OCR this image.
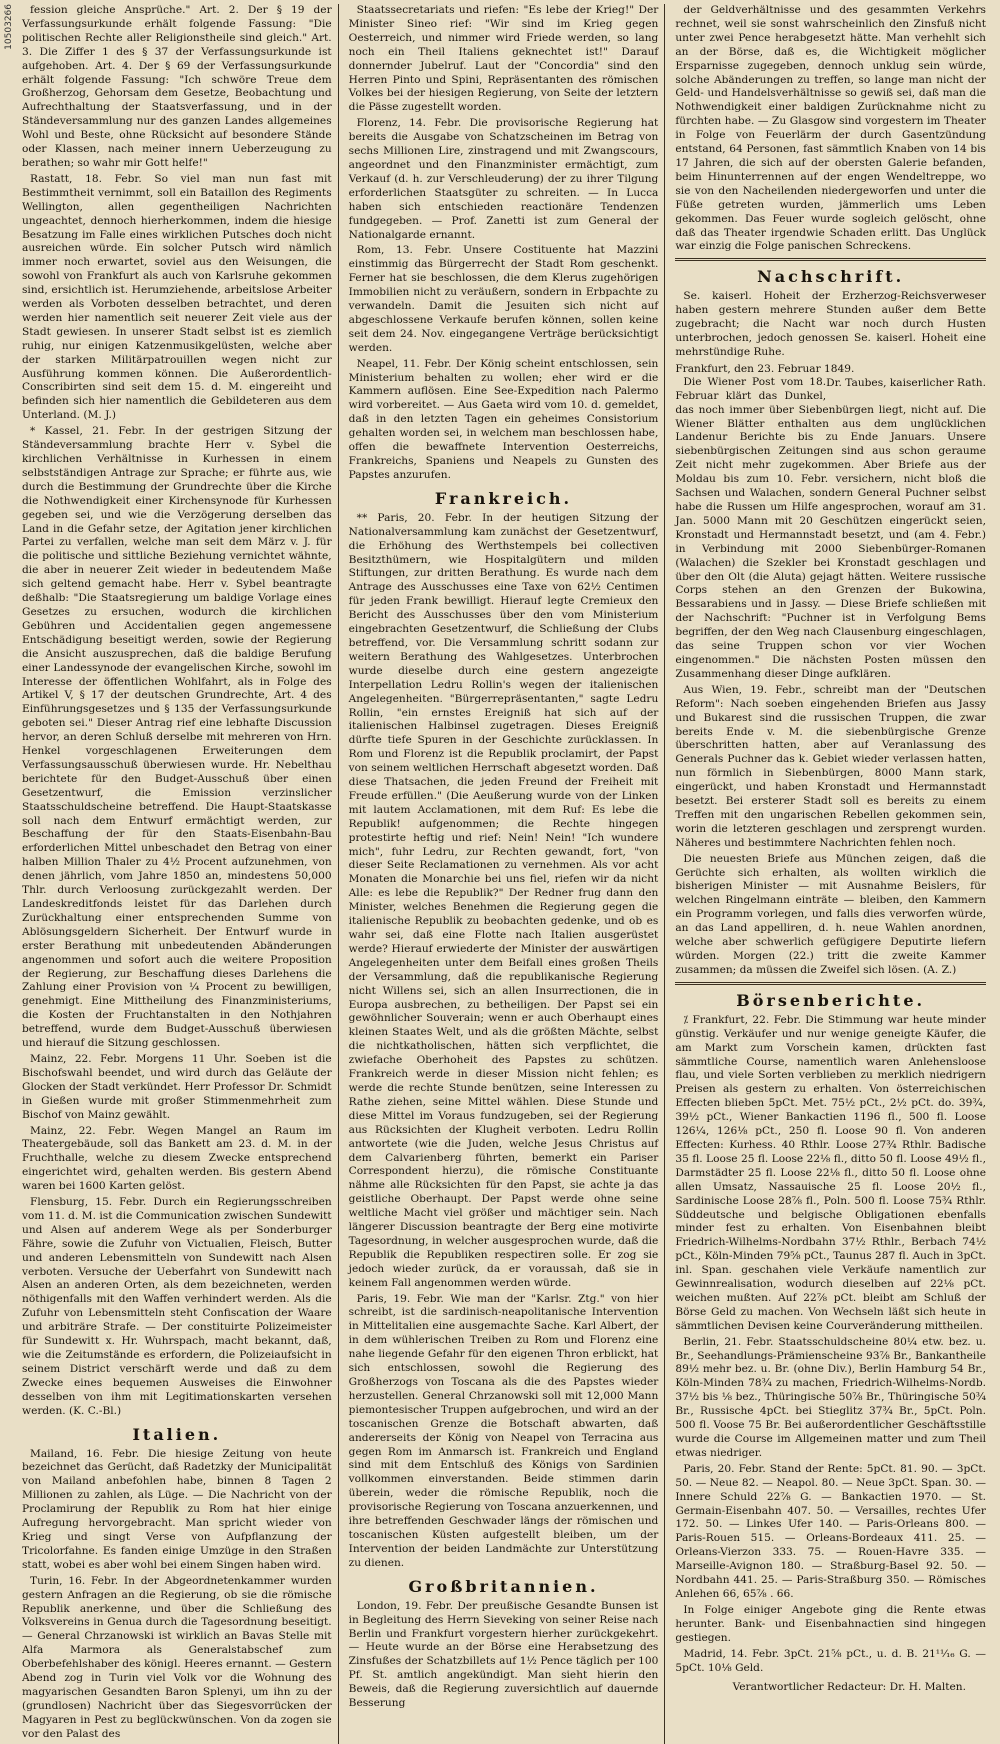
10503266	fession gleiche Ansprüche." Art. 2. Der § 19 der Verfassungsurkunde erhält folgende Fassung: "Die politischen Rechte aller Religionstheile sind gleich." Art. 3. Die Ziffer 1 des § 37 der Verfassungsurkunde ist aufgehoben. Art. 4. Der § 69 der Verfassungsurkunde erhält folgende Fassung: "Ich schwöre Treue dem Großherzog, Gehorsam dem Gesetze, Beobachtung und Aufrechthaltung der Staatsverfassung, und in der Ständeversammlung nur des ganzen Landes allgemeines Wohl und Beste, ohne Rücksicht auf besondere Stände oder Klassen, nach meiner innern Ueberzeugung zu berathen; so wahr mir Gott helfe!"

Rastatt, 18. Febr. So viel man nun fast mit Bestimmtheit vernimmt, soll ein Bataillon des Regiments Wellington, allen gegentheiligen Nachrichten ungeachtet, dennoch hierherkommen, indem die hiesige Besatzung im Falle eines wirklichen Putsches doch nicht ausreichen würde. Ein solcher Putsch wird nämlich immer noch erwartet, soviel aus den Weisungen, die sowohl von Frankfurt als auch von Karlsruhe gekommen sind, ersichtlich ist. Herumziehende, arbeitslose Arbeiter werden als Vorboten desselben betrachtet, und deren werden hier namentlich seit neuerer Zeit viele aus der Stadt gewiesen. In unserer Stadt selbst ist es ziemlich ruhig, nur einigen Katzenmusikgelüsten, welche aber der starken Militärpatrouillen wegen nicht zur Ausführung kommen können. Die Außerordentlich-Conscribirten sind seit dem 15. d. M. eingereiht und befinden sich hier namentlich die Gebildeteren aus dem Unterland. (M. J.)

* Kassel, 21. Febr. In der gestrigen Sitzung der Ständeversammlung brachte Herr v. Sybel die kirchlichen Verhältnisse in Kurhessen in einem selbstständigen Antrage zur Sprache; er führte aus, wie durch die Bestimmung der Grundrechte über die Kirche die Nothwendigkeit einer Kirchensynode für Kurhessen gegeben sei, und wie die Verzögerung derselben das Land in die Gefahr setze, der Agitation jener kirchlichen Partei zu verfallen, welche man seit dem März v. J. für die politische und sittliche Beziehung vernichtet wähnte, die aber in neuerer Zeit wieder in bedeutendem Maße sich geltend gemacht habe. Herr v. Sybel beantragte deßhalb: "Die Staatsregierung um baldige Vorlage eines Gesetzes zu ersuchen, wodurch die kirchlichen Gebühren und Accidentalien gegen angemessene Entschädigung beseitigt werden, sowie der Regierung die Ansicht auszusprechen, daß die baldige Berufung einer Landessynode der evangelischen Kirche, sowohl im Interesse der öffentlichen Wohlfahrt, als in Folge des Artikel V, § 17 der deutschen Grundrechte, Art. 4 des Einführungsgesetzes und § 135 der Verfassungsurkunde geboten sei." Dieser Antrag rief eine lebhafte Discussion hervor, an deren Schluß derselbe mit mehreren von Hrn. Henkel vorgeschlagenen Erweiterungen dem Verfassungsausschuß überwiesen wurde. Hr. Nebelthau berichtete für den Budget-Ausschuß über einen Gesetzentwurf, die Emission verzinslicher Staatsschuldscheine betreffend. Die Haupt-Staatskasse soll nach dem Entwurf ermächtigt werden, zur Beschaffung der für den Staats-Eisenbahn-Bau erforderlichen Mittel unbeschadet den Betrag von einer halben Million Thaler zu 4½ Procent aufzunehmen, von denen jährlich, vom Jahre 1850 an, mindestens 50,000 Thlr. durch Verloosung zurückgezahlt werden. Der Landeskreditfonds leistet für das Darlehen durch Zurückhaltung einer entsprechenden Summe von Ablösungsgeldern Sicherheit. Der Entwurf wurde in erster Berathung mit unbedeutenden Abänderungen angenommen und sofort auch die weitere Proposition der Regierung, zur Beschaffung dieses Darlehens die Zahlung einer Provision von ¼ Procent zu bewilligen, genehmigt. Eine Mittheilung des Finanzministeriums, die Kosten der Fruchtanstalten in den Nothjahren betreffend, wurde dem Budget-Ausschuß überwiesen und hierauf die Sitzung geschlossen.

Mainz, 22. Febr. Morgens 11 Uhr. Soeben ist die Bischofswahl beendet, und wird durch das Geläute der Glocken der Stadt verkündet. Herr Professor Dr. Schmidt in Gießen wurde mit großer Stimmenmehrheit zum Bischof von Mainz gewählt.

Mainz, 22. Febr. Wegen Mangel an Raum im Theatergebäude, soll das Bankett am 23. d. M. in der Fruchthalle, welche zu diesem Zwecke entsprechend eingerichtet wird, gehalten werden. Bis gestern Abend waren bei 1600 Karten gelöst.

Flensburg, 15. Febr. Durch ein Regierungsschreiben vom 11. d. M. ist die Communication zwischen Sundewitt und Alsen auf anderem Wege als per Sonderburger Fähre, sowie die Zufuhr von Victualien, Fleisch, Butter und anderen Lebensmitteln von Sundewitt nach Alsen verboten. Versuche der Ueberfahrt von Sundewitt nach Alsen an anderen Orten, als dem bezeichneten, werden nöthigenfalls mit den Waffen verhindert werden. Als die Zufuhr von Lebensmitteln steht Confiscation der Waare und arbiträre Strafe. — Der constituirte Polizeimeister für Sundewitt x. Hr. Wuhrspach, macht bekannt, daß, wie die Zeitumstände es erfordern, die Polizeiaufsicht in seinem District verschärft werde und daß zu dem Zwecke eines bequemen Ausweises die Einwohner desselben von ihm mit Legitimationskarten versehen werden. (K. C.-Bl.)

Italien.

Mailand, 16. Febr. Die hiesige Zeitung von heute bezeichnet das Gerücht, daß Radetzky der Municipalität von Mailand anbefohlen habe, binnen 8 Tagen 2 Millionen zu zahlen, als Lüge. — Die Nachricht von der Proclamirung der Republik zu Rom hat hier einige Aufregung hervorgebracht. Man spricht wieder von Krieg und singt Verse von Aufpflanzung der Tricolorfahne. Es fanden einige Umzüge in den Straßen statt, wobei es aber wohl bei einem Singen haben wird.

Turin, 16. Febr. In der Abgeordnetenkammer wurden gestern Anfragen an die Regierung, ob sie die römische Republik anerkenne, und über die Schließung des Volksvereins in Genua durch die Tagesordnung beseitigt. — General Chrzanowski ist wirklich an Bavas Stelle mit Alfa Marmora als Generalstabschef zum Oberbefehlshaber des königl. Heeres ernannt. — Gestern Abend zog in Turin viel Volk vor die Wohnung des magyarischen Gesandten Baron Splenyi, um ihn zu der (grundlosen) Nachricht über das Siegesvorrücken der Magyaren in Pest zu beglückwünschen. Von da zogen sie vor den Palast des

Staatssecretariats und riefen: "Es lebe der Krieg!" Der Minister Sineo rief: "Wir sind im Krieg gegen Oesterreich, und nimmer wird Friede werden, so lang noch ein Theil Italiens geknechtet ist!" Darauf donnernder Jubelruf. Laut der "Concordia" sind den Herren Pinto und Spini, Repräsentanten des römischen Volkes bei der hiesigen Regierung, von Seite der letztern die Pässe zugestellt worden.

Florenz, 14. Febr. Die provisorische Regierung hat bereits die Ausgabe von Schatzscheinen im Betrag von sechs Millionen Lire, zinstragend und mit Zwangscours, angeordnet und den Finanzminister ermächtigt, zum Verkauf (d. h. zur Verschleuderung) der zu ihrer Tilgung erforderlichen Staatsgüter zu schreiten. — In Lucca haben sich entschieden reactionäre Tendenzen fundgegeben. — Prof. Zanetti ist zum General der Nationalgarde ernannt.

Rom, 13. Febr. Unsere Costituente hat Mazzini einstimmig das Bürgerrecht der Stadt Rom geschenkt. Ferner hat sie beschlossen, die dem Klerus zugehörigen Immobilien nicht zu veräußern, sondern in Erbpachte zu verwandeln. Damit die Jesuiten sich nicht auf abgeschlossene Verkaufe berufen können, sollen keine seit dem 24. Nov. eingegangene Verträge berücksichtigt werden.

Neapel, 11. Febr. Der König scheint entschlossen, sein Ministerium behalten zu wollen; eher wird er die Kammern auflösen. Eine See-Expedition nach Palermo wird vorbereitet. — Aus Gaeta wird vom 10. d. gemeldet, daß in den letzten Tagen ein geheimes Consistorium gehalten worden sei, in welchem man beschlossen habe, offen die bewaffnete Intervention Oesterreichs, Frankreichs, Spaniens und Neapels zu Gunsten des Papstes anzurufen.

Frankreich.

** Paris, 20. Febr. In der heutigen Sitzung der Nationalversammlung kam zunächst der Gesetzentwurf, die Erhöhung des Werthstempels bei collectiven Besitzthümern, wie Hospitalgütern und milden Stiftungen, zur dritten Berathung. Es wurde nach dem Antrage des Ausschusses eine Taxe von 62½ Centimen für jeden Frank bewilligt. Hierauf legte Cremieux den Bericht des Ausschusses über den vom Ministerium eingebrachten Gesetzentwurf, die Schließung der Clubs betreffend, vor. Die Versammlung schritt sodann zur weitern Berathung des Wahlgesetzes. Unterbrochen wurde dieselbe durch eine gestern angezeigte Interpellation Ledru Rollin's wegen der italienischen Angelegenheiten. "Bürgerrepräsentanten," sagte Ledru Rollin, "ein ernstes Ereigniß hat sich auf der italienischen Halbinsel zugetragen. Dieses Ereigniß dürfte tiefe Spuren in der Geschichte zurücklassen. In Rom und Florenz ist die Republik proclamirt, der Papst von seinem weltlichen Herrschaft abgesetzt worden. Daß diese Thatsachen, die jeden Freund der Freiheit mit Freude erfüllen." (Die Aeußerung wurde von der Linken mit lautem Acclamationen, mit dem Ruf: Es lebe die Republik! aufgenommen; die Rechte hingegen protestirte heftig und rief: Nein! Nein! "Ich wundere mich", fuhr Ledru, zur Rechten gewandt, fort, "von dieser Seite Reclamationen zu vernehmen. Als vor acht Monaten die Monarchie bei uns fiel, riefen wir da nicht Alle: es lebe die Republik?" Der Redner frug dann den Minister, welches Benehmen die Regierung gegen die italienische Republik zu beobachten gedenke, und ob es wahr sei, daß eine Flotte nach Italien ausgerüstet werde? Hierauf erwiederte der Minister der auswärtigen Angelegenheiten unter dem Beifall eines großen Theils der Versammlung, daß die republikanische Regierung nicht Willens sei, sich an allen Insurrectionen, die in Europa ausbrechen, zu betheiligen. Der Papst sei ein gewöhnlicher Souverain; wenn er auch Oberhaupt eines kleinen Staates Welt, und als die größten Mächte, selbst die nichtkatholischen, hätten sich verpflichtet, die zwiefache Oberhoheit des Papstes zu schützen. Frankreich werde in dieser Mission nicht fehlen; es werde die rechte Stunde benützen, seine Interessen zu Rathe ziehen, seine Mittel wählen. Diese Stunde und diese Mittel im Voraus fundzugeben, sei der Regierung aus Rücksichten der Klugheit verboten. Ledru Rollin antwortete (wie die Juden, welche Jesus Christus auf dem Calvarienberg führten, bemerkt ein Pariser Correspondent hierzu), die römische Constituante nähme alle Rücksichten für den Papst, sie achte ja das geistliche Oberhaupt. Der Papst werde ohne seine weltliche Macht viel größer und mächtiger sein. Nach längerer Discussion beantragte der Berg eine motivirte Tagesordnung, in welcher ausgesprochen wurde, daß die Republik die Republiken respectiren solle. Er zog sie jedoch wieder zurück, da er voraussah, daß sie in keinem Fall angenommen werden würde.

Paris, 19. Febr. Wie man der "Karlsr. Ztg." von hier schreibt, ist die sardinisch-neapolitanische Intervention in Mittelitalien eine ausgemachte Sache. Karl Albert, der in dem wühlerischen Treiben zu Rom und Florenz eine nahe liegende Gefahr für den eigenen Thron erblickt, hat sich entschlossen, sowohl die Regierung des Großherzogs von Toscana als die des Papstes wieder herzustellen. General Chrzanowski soll mit 12,000 Mann piemontesischer Truppen aufgebrochen, und wird an der toscanischen Grenze die Botschaft abwarten, daß andererseits der König von Neapel von Terracina aus gegen Rom im Anmarsch ist. Frankreich und England sind mit dem Entschluß des Königs von Sardinien vollkommen einverstanden. Beide stimmen darin überein, weder die römische Republik, noch die provisorische Regierung von Toscana anzuerkennen, und ihre betreffenden Geschwader längs der römischen und toscanischen Küsten aufgestellt bleiben, um der Intervention der beiden Landmächte zur Unterstützung zu dienen.

Großbritannien.

London, 19. Febr. Der preußische Gesandte Bunsen ist in Begleitung des Herrn Sieveking von seiner Reise nach Berlin und Frankfurt vorgestern hierher zurückgekehrt. — Heute wurde an der Börse eine Herabsetzung des Zinsfußes der Schatzbillets auf 1½ Pence täglich per 100 Pf. St. amtlich angekündigt. Man sieht hierin den Beweis, daß die Regierung zuversichtlich auf dauernde Besserung

der Geldverhältnisse und des gesammten Verkehrs rechnet, weil sie sonst wahrscheinlich den Zinsfuß nicht unter zwei Pence herabgesetzt hätte. Man verhehlt sich an der Börse, daß es, die Wichtigkeit möglicher Ersparnisse zugegeben, dennoch unklug sein würde, solche Abänderungen zu treffen, so lange man nicht der Geld- und Handelsverhältnisse so gewiß sei, daß man die Nothwendigkeit einer baldigen Zurücknahme nicht zu fürchten habe. — Zu Glasgow sind vorgestern im Theater in Folge von Feuerlärm der durch Gasentzündung entstand, 64 Personen, fast sämmtlich Knaben von 14 bis 17 Jahren, die sich auf der obersten Galerie befanden, beim Hinunterrennen auf der engen Wendeltreppe, wo sie von den Nacheilenden niedergeworfen und unter die Füße getreten wurden, jämmerlich ums Leben gekommen. Das Feuer wurde sogleich gelöscht, ohne daß das Theater irgendwie Schaden erlitt. Das Unglück war einzig die Folge panischen Schreckens.

Nachschrift.

Se. kaiserl. Hoheit der Erzherzog-Reichsverweser haben gestern mehrere Stunden außer dem Bette zugebracht; die Nacht war noch durch Husten unterbrochen, jedoch genossen Se. kaiserl. Hoheit eine mehrstündige Ruhe.

Frankfurt, den 23. Februar 1849.
Dr. Taubes, kaiserlicher Rath.

Die Wiener Post vom 18. Februar klärt das Dunkel, das noch immer über Siebenbürgen liegt, nicht auf. Die Wiener Blätter enthalten aus dem unglücklichen Landenur Berichte bis zu Ende Januars. Unsere siebenbürgischen Zeitungen sind aus schon geraume Zeit nicht mehr zugekommen. Aber Briefe aus der Moldau bis zum 10. Febr. versichern, nicht bloß die Sachsen und Walachen, sondern General Puchner selbst habe die Russen um Hilfe angesprochen, worauf am 31. Jan. 5000 Mann mit 20 Geschützen eingerückt seien, Kronstadt und Hermannstadt besetzt, und (am 4. Febr.) in Verbindung mit 2000 Siebenbürger-Romanen (Walachen) die Szekler bei Kronstadt geschlagen und über den Olt (die Aluta) gejagt hätten. Weitere russische Corps stehen an den Grenzen der Bukowina, Bessarabiens und in Jassy. — Diese Briefe schließen mit der Nachschrift: "Puchner ist in Verfolgung Bems begriffen, der den Weg nach Clausenburg eingeschlagen, das seine Truppen schon vor vier Wochen eingenommen." Die nächsten Posten müssen den Zusammenhang dieser Dinge aufklären.

Aus Wien, 19. Febr., schreibt man der "Deutschen Reform": Nach soeben eingehenden Briefen aus Jassy und Bukarest sind die russischen Truppen, die zwar bereits Ende v. M. die siebenbürgische Grenze überschritten hatten, aber auf Veranlassung des Generals Puchner das k. Gebiet wieder verlassen hatten, nun förmlich in Siebenbürgen, 8000 Mann stark, eingerückt, und haben Kronstadt und Hermannstadt besetzt. Bei ersterer Stadt soll es bereits zu einem Treffen mit den ungarischen Rebellen gekommen sein, worin die letzteren geschlagen und zersprengt wurden. Näheres und bestimmtere Nachrichten fehlen noch.

Die neuesten Briefe aus München zeigen, daß die Gerüchte sich erhalten, als wollten wirklich die bisherigen Minister — mit Ausnahme Beislers, für welchen Ringelmann einträte — bleiben, den Kammern ein Programm vorlegen, und falls dies verworfen würde, an das Land appelliren, d. h. neue Wahlen anordnen, welche aber schwerlich gefügigere Deputirte liefern würden. Morgen (22.) tritt die zweite Kammer zusammen; da müssen die Zweifel sich lösen. (A. Z.)

Börsenberichte.

⁒ Frankfurt, 22. Febr. Die Stimmung war heute minder günstig. Verkäufer und nur wenige geneigte Käufer, die am Markt zum Vorschein kamen, drückten fast sämmtliche Course, namentlich waren Anlehensloose flau, und viele Sorten verblieben zu merklich niedrigern Preisen als gestern zu erhalten. Von österreichischen Effecten blieben 5pCt. Met. 75½ pCt., 2½ pCt. do. 39¾, 39½ pCt., Wiener Bankactien 1196 fl., 500 fl. Loose 126¼, 126⅛ pCt., 250 fl. Loose 90 fl. Von anderen Effecten: Kurhess. 40 Rthlr. Loose 27¾ Rthlr. Badische 35 fl. Loose 25 fl. Loose 22⅛ fl., ditto 50 fl. Loose 49½ fl., Darmstädter 25 fl. Loose 22⅛ fl., ditto 50 fl. Loose ohne allen Umsatz, Nassauische 25 fl. Loose 20½ fl., Sardinische Loose 28⅞ fl., Poln. 500 fl. Loose 75¾ Rthlr. Süddeutsche und belgische Obligationen ebenfalls minder fest zu erhalten. Von Eisenbahnen bleibt Friedrich-Wilhelms-Nordbahn 37½ Rthlr., Berbach 74½ pCt., Köln-Minden 79⅝ pCt., Taunus 287 fl. Auch in 3pCt. inl. Span. geschahen viele Verkäufe namentlich zur Gewinnrealisation, wodurch dieselben auf 22⅛ pCt. weichen mußten. Auf 22⅞ pCt. bleibt am Schluß der Börse Geld zu machen. Von Wechseln läßt sich heute in sämmtlichen Devisen keine Courveränderung mittheilen.

Berlin, 21. Febr. Staatsschuldscheine 80¼ etw. bez. u. Br., Seehandlungs-Prämienscheine 93⅞ Br., Bankantheile 89½ mehr bez. u. Br. (ohne Div.), Berlin Hamburg 54 Br., Köln-Minden 78¾ zu machen, Friedrich-Wilhelms-Nordb. 37½ bis ⅛ bez., Thüringische 50⅞ Br., Thüringische 50¾ Br., Russische 4pCt. bei Stieglitz 37¾ Br., 5pCt. Poln. 500 fl. Voose 75 Br. Bei außerordentlicher Geschäftsstille wurde die Course im Allgemeinen matter und zum Theil etwas niedriger.

Paris, 20. Febr. Stand der Rente: 5pCt. 81. 90. — 3pCt. 50. — Neue 82. — Neapol. 80. — Neue 3pCt. Span. 30. — Innere Schuld 22⅞ G. — Bankactien 1970. — St. Germain-Eisenbahn 407. 50. — Versailles, rechtes Ufer 172. 50. — Linkes Ufer 140. — Paris-Orleans 800. — Paris-Rouen 515. — Orleans-Bordeaux 411. 25. — Orleans-Vierzon 333. 75. — Rouen-Havre 335. — Marseille-Avignon 180. — Straßburg-Basel 92. 50. — Nordbahn 441. 25. — Paris-Straßburg 350. — Römisches Anlehen 66, 65⅞ . 66.

In Folge einiger Angebote ging die Rente etwas herunter. Bank- und Eisenbahnactien sind hingegen gestiegen.

Madrid, 14. Febr. 3pCt. 21⅝ pCt., u. d. B. 21¹¹⁄₁₆ G. — 5pCt. 10⅛ Geld.

Verantwortlicher Redacteur: Dr. H. Malten.
